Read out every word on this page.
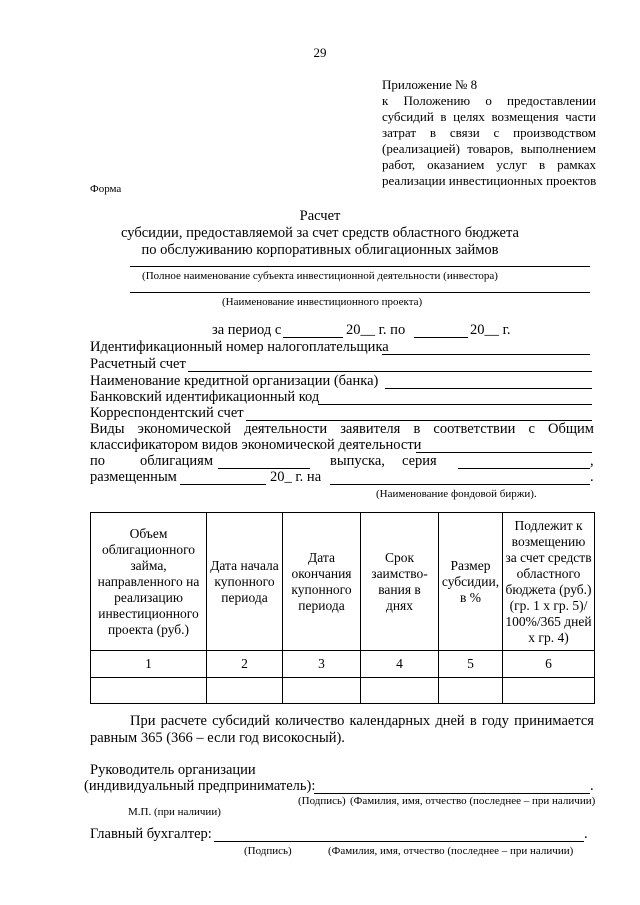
29
Приложение № 8
к Положению о предоставлении
субсидий в целях возмещения части
затрат в связи с производством
(реализацией) товаров, выполнением
работ, оказанием услуг в рамках
реализации инвестиционных проектов
Форма
Расчет
субсидии, предоставляемой за счет средств областного бюджета
по обслуживанию корпоративных облигационных займов
(Полное наименование субъекта инвестиционной деятельности (инвестора)
(Наименование инвестиционного проекта)
за период с	20__ г. по	20__ г.
Идентификационный номер налогоплательщика
Расчетный счет
Наименование кредитной организации (банка)
Банковский идентификационный код
Корреспондентский счет
Виды экономической деятельности заявителя в соответствии с Общим
классификатором видов экономической деятельности
по облигациям	выпуска, серия	,
размещенным	20_ г. на	.
(Наименование фондовой биржи).
Объем облигационного займа, направленного на реализацию инвестиционного проекта (руб.)	Дата начала купонного периода	Дата окончания купонного периода	Срок заимство-вания в днях	Размер субсидии, в %	Подлежит к возмещению за счет средств областного бюджета (руб.) (гр. 1 х гр. 5)/ 100%/365 дней х гр. 4)
1	2	3	4	5	6

При расчете субсидий количество календарных дней в году принимается
равным 365 (366 – если год високосный).
Руководитель организации
(индивидуальный предприниматель):	.
(Подпись) (Фамилия, имя, отчество (последнее – при наличии)
М.П. (при наличии)
Главный бухгалтер:	.
(Подпись)	(Фамилия, имя, отчество (последнее – при наличии)
